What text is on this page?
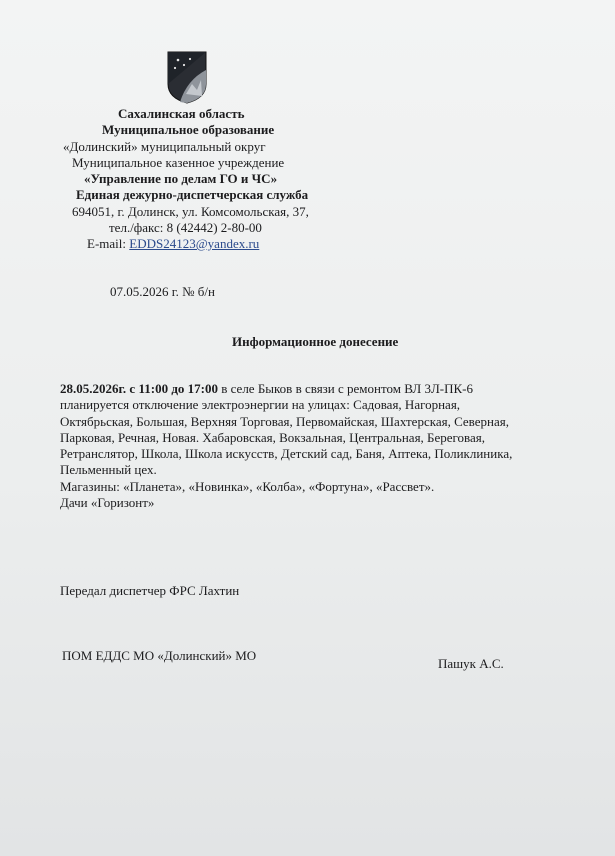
Сахалинская область
Муниципальное образование
«Долинский» муниципальный округ
Муниципальное казенное учреждение
«Управление по делам ГО и ЧС»
Единая дежурно-диспетчерская служба
694051, г. Долинск, ул. Комсомольская, 37,
тел./факс: 8 (42442) 2-80-00
E-mail: EDDS24123@yandex.ru
07.05.2026 г. № б/н
Информационное донесение
28.05.2026г. с 11:00 до 17:00 в селе Быков в связи с ремонтом ВЛ 3Л-ПК-6
планируется отключение электроэнергии на улицах: Садовая, Нагорная,
Октябрьская, Большая, Верхняя Торговая, Первомайская, Шахтерская, Северная,
Парковая, Речная, Новая. Хабаровская, Вокзальная, Центральная, Береговая,
Ретранслятор, Школа, Школа искусств, Детский сад, Баня, Аптека, Поликлиника,
Пельменный цех.
Магазины: «Планета», «Новинка», «Колба», «Фортуна», «Рассвет».
Дачи «Горизонт»
Передал диспетчер ФРС Лахтин
ПОМ ЕДДС МО «Долинский» МО
Пашук А.С.
